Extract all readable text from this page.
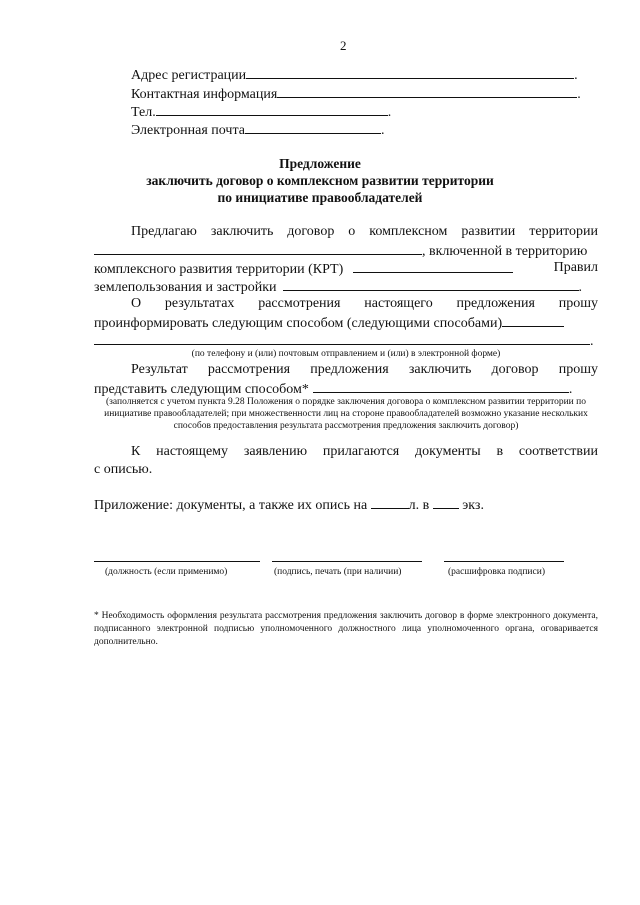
2
Адрес регистрации	.
Контактная информация	.
Тел.	.
Электронная почта	.
Предложение
заключить договор о комплексном развитии территории
по инициативе правообладателей
Предлагаю заключить договор о комплексном развитии территории
, включенной в территорию
комплексного развития территории (КРТ)	Правил
землепользования и застройки	.
О результатах рассмотрения настоящего предложения прошу
проинформировать следующим способом (следующими способами)
.
(по телефону и (или) почтовым отправлением и (или) в электронной форме)
Результат рассмотрения предложения заключить договор прошу
представить следующим способом*	.
(заполняется с учетом пункта 9.28 Положения о порядке заключения договора о комплексном развитии территории по инициативе правообладателей; при множественности лиц на стороне правообладателей возможно указание нескольких способов предоставления результата рассмотрения предложения заключить договор)
К настоящему заявлению прилагаются документы в соответствии
с описью.
Приложение: документы, а также их опись на	л. в экз.
(должность (если применимо)	(подпись, печать (при наличии)	(расшифровка подписи)
* Необходимость оформления результата рассмотрения предложения заключить договор в форме электронного документа, подписанного электронной подписью уполномоченного должностного лица уполномоченного органа, оговаривается дополнительно.
